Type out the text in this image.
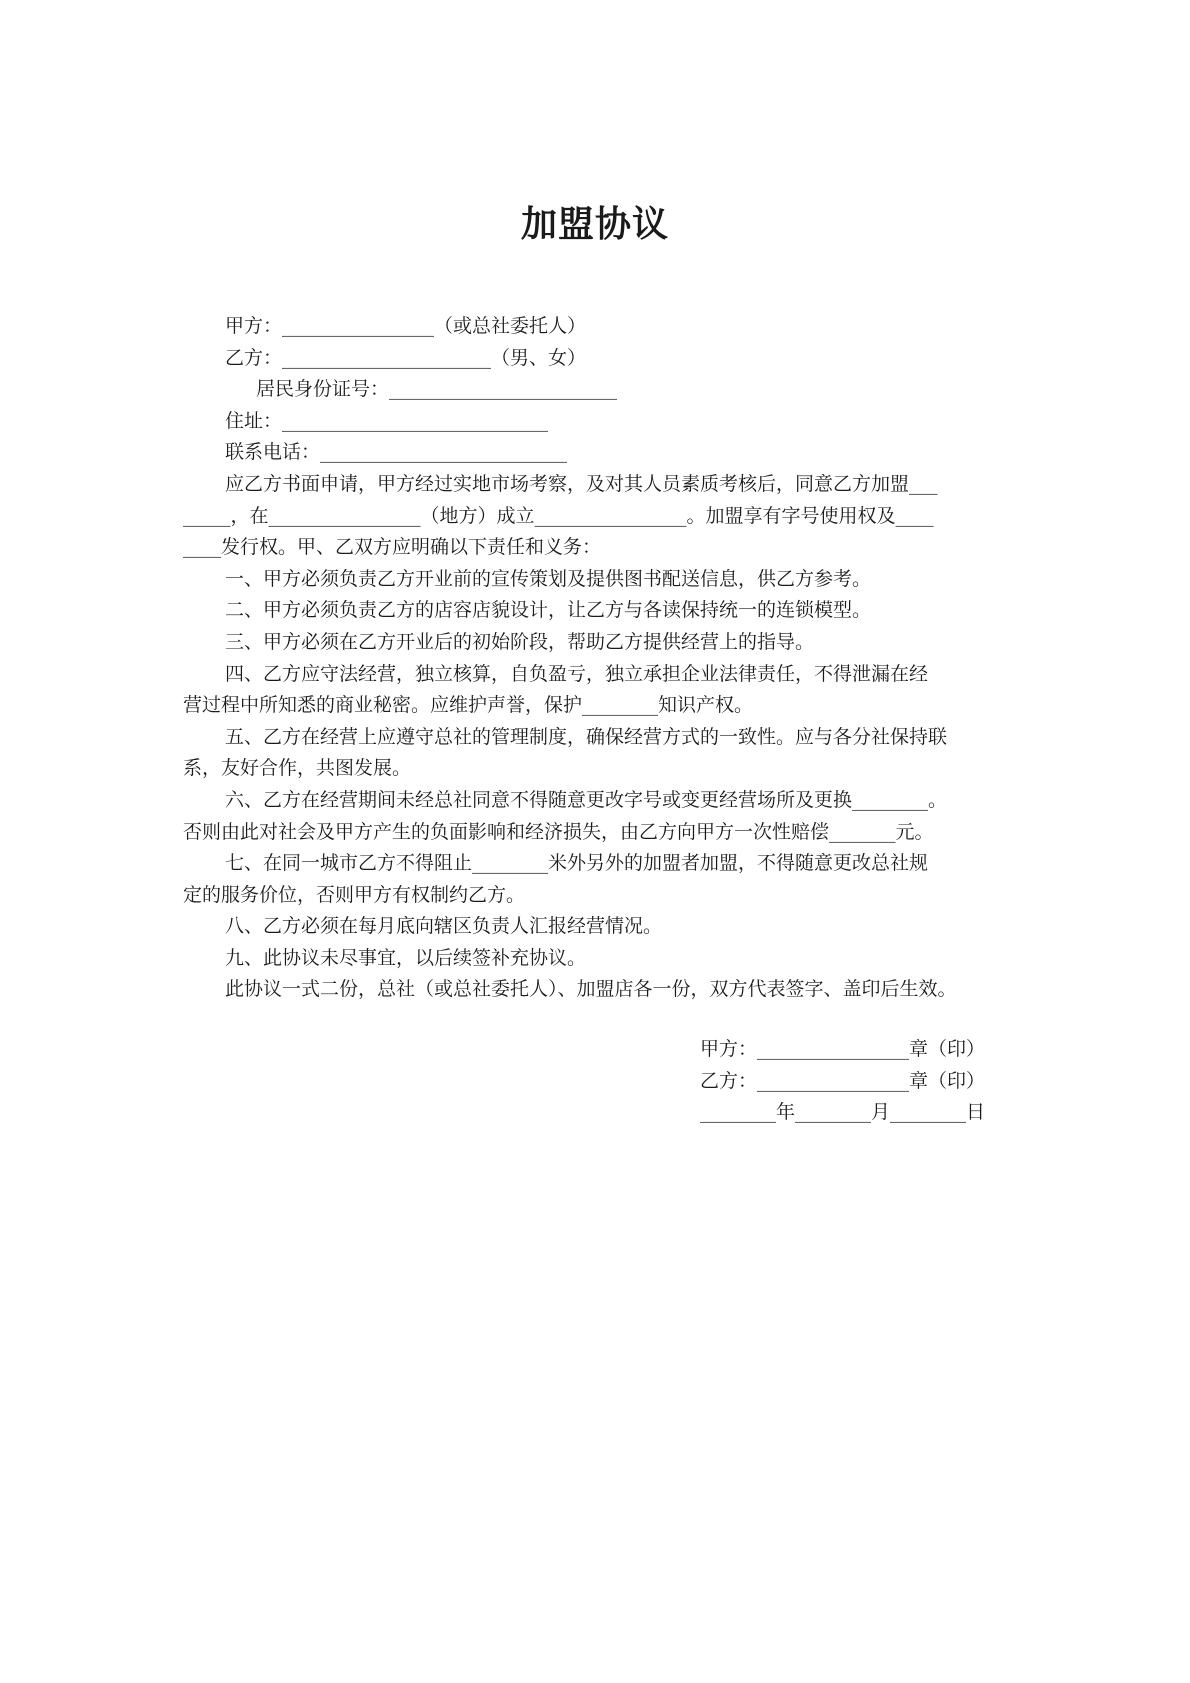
加盟协议
甲方：________________（或总社委托人）
乙方：______________________（男、女）
居民身份证号：________________________
住址：____________________________
联系电话：__________________________
应乙方书面申请，甲方经过实地市场考察，及对其人员素质考核后，同意乙方加盟___
_____，在________________（地方）成立________________。加盟享有字号使用权及____
____发行权。甲、乙双方应明确以下责任和义务：
一、甲方必须负责乙方开业前的宣传策划及提供图书配送信息，供乙方参考。
二、甲方必须负责乙方的店容店貌设计，让乙方与各读保持统一的连锁模型。
三、甲方必须在乙方开业后的初始阶段，帮助乙方提供经营上的指导。
四、乙方应守法经营，独立核算，自负盈亏，独立承担企业法律责任，不得泄漏在经
营过程中所知悉的商业秘密。应维护声誉，保护________知识产权。
五、乙方在经营上应遵守总社的管理制度，确保经营方式的一致性。应与各分社保持联
系，友好合作，共图发展。
六、乙方在经营期间未经总社同意不得随意更改字号或变更经营场所及更换________。
否则由此对社会及甲方产生的负面影响和经济损失，由乙方向甲方一次性赔偿_______元。
七、在同一城市乙方不得阻止________米外另外的加盟者加盟，不得随意更改总社规
定的服务价位，否则甲方有权制约乙方。
八、乙方必须在每月底向辖区负责人汇报经营情况。
九、此协议未尽事宜，以后续签补充协议。
此协议一式二份，总社（或总社委托人）、加盟店各一份，双方代表签字、盖印后生效。
甲方：________________章（印）
乙方：________________章（印）
________年________月________日
